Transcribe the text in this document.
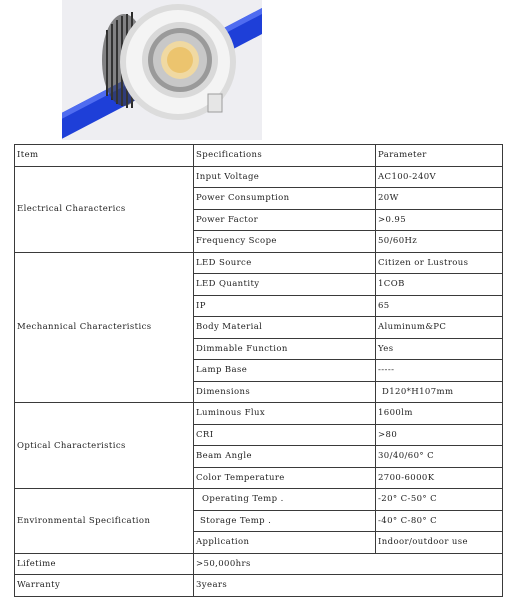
Item	Specifications	Parameter
Electrical Characterics	Input Voltage	AC100-240V
	Power Consumption	20W
	Power Factor	>0.95
	Frequency Scope	50/60Hz
Mechannical Characteristics	LED Source	Citizen or Lustrous
	LED Quantity	1COB
	IP	65
	Body Material	Aluminum&PC
	Dimmable Function	Yes
	Lamp Base	-----
	Dimensions	D120*H107mm
Optical Characteristics	Luminous Flux	1600lm
	CRI	>80
	Beam Angle	30/40/60° C
	Color Temperature	2700-6000K
Environmental Specification	Operating Temp .	-20° C-50° C
	Storage Temp .	-40° C-80° C
	Application	Indoor/outdoor use
Lifetime	>50,000hrs	
Warranty	3years	
